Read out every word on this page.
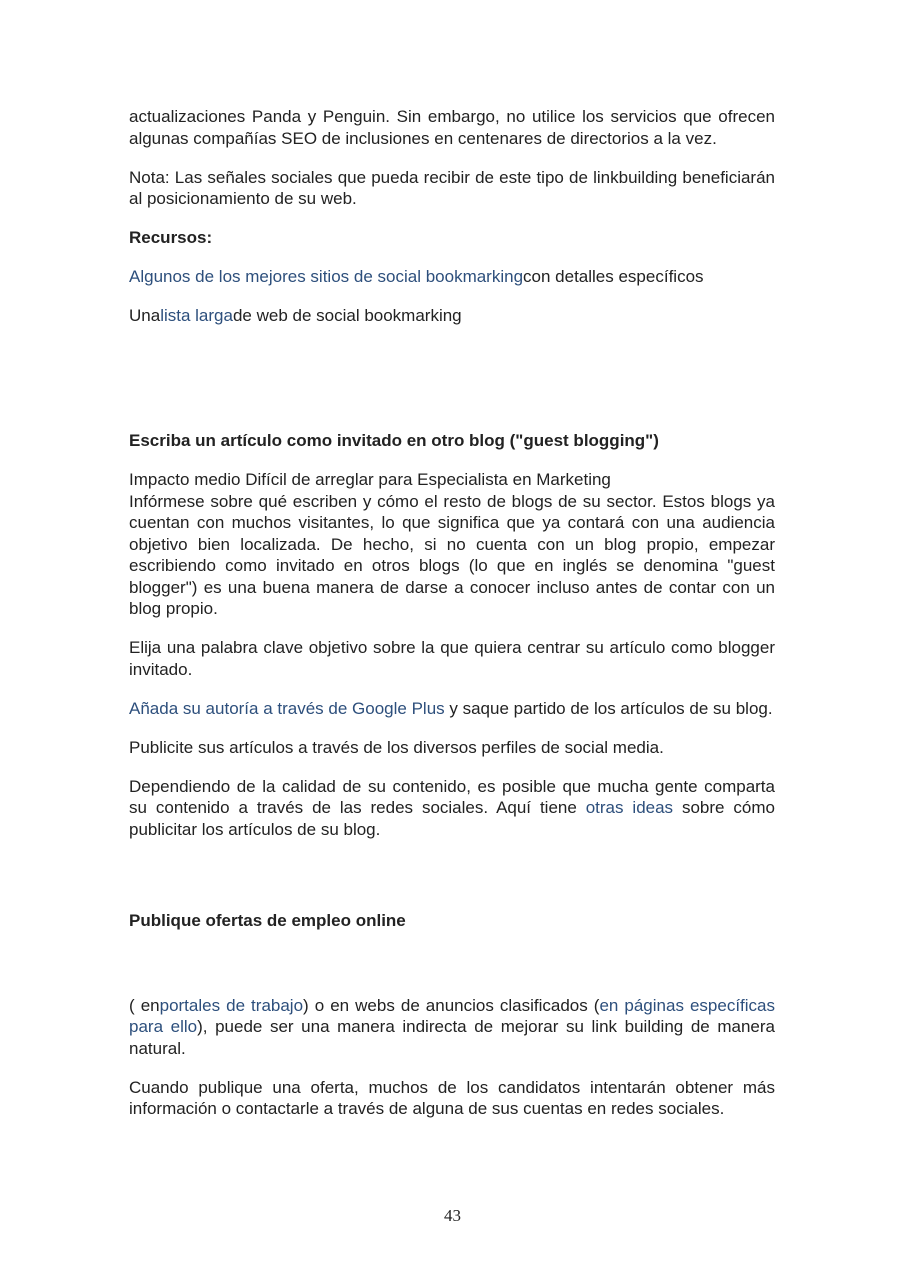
actualizaciones Panda y Penguin. Sin embargo, no utilice los servicios que ofrecen algunas compañías SEO de inclusiones en centenares de directorios a la vez.

Nota: Las señales sociales que pueda recibir de este tipo de linkbuilding beneficiarán al posicionamiento de su web.

Recursos:

Algunos de los mejores sitios de social bookmarkingcon detalles específicos

Unalista largade web de social bookmarking

Escriba un artículo como invitado en otro blog ("guest blogging")

Impacto medio Difícil de arreglar para Especialista en Marketing

Infórmese sobre qué escriben y cómo el resto de blogs de su sector. Estos blogs ya cuentan con muchos visitantes, lo que significa que ya contará con una audiencia objetivo bien localizada. De hecho, si no cuenta con un blog propio, empezar escribiendo como invitado en otros blogs (lo que en inglés se denomina "guest blogger") es una buena manera de darse a conocer incluso antes de contar con un blog propio.

Elija una palabra clave objetivo sobre la que quiera centrar su artículo como blogger invitado.

Añada su autoría a través de Google Plus y saque partido de los artículos de su blog.

Publicite sus artículos a través de los diversos perfiles de social media.

Dependiendo de la calidad de su contenido, es posible que mucha gente comparta su contenido a través de las redes sociales. Aquí tiene otras ideas sobre cómo publicitar los artículos de su blog.

Publique ofertas de empleo online

( enportales de trabajo) o en webs de anuncios clasificados (en páginas específicas para ello), puede ser una manera indirecta de mejorar su link building de manera natural.

Cuando publique una oferta, muchos de los candidatos intentarán obtener más información o contactarle a través de alguna de sus cuentas en redes sociales.

43
